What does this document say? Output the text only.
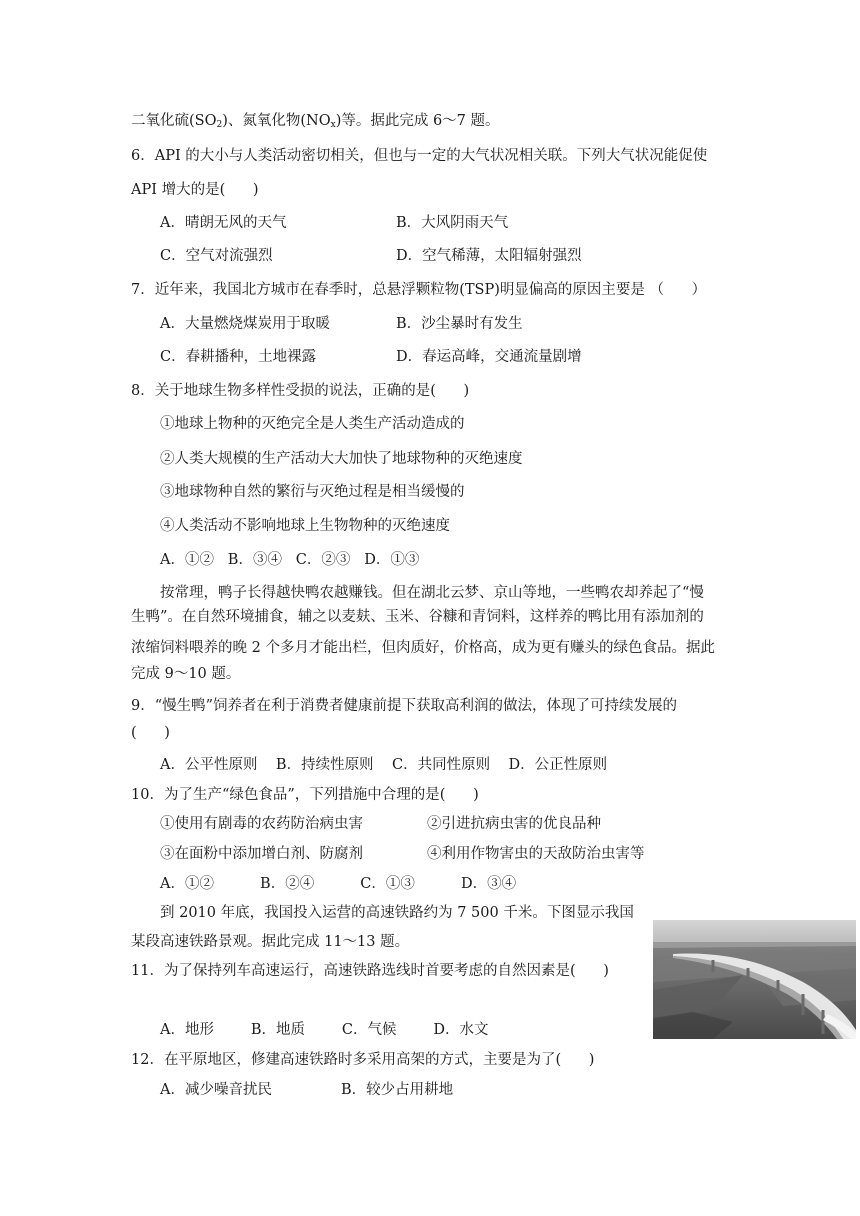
二氧化硫$(SO_2)$、氮氧化物$(NO_x)$等。据此完成 6～7 题。
6．API 的大小与人类活动密切相关，但也与一定的大气状况相关联。下列大气状况能促使
API 增大的是(      )
A．晴朗无风的天气	B．大风阴雨天气
C．空气对流强烈	D．空气稀薄，太阳辐射强烈
7．近年来，我国北方城市在春季时，总悬浮颗粒物(TSP)明显偏高的原因主要是 （      ）
A．大量燃烧煤炭用于取暖	B．沙尘暴时有发生
C．春耕播种，土地裸露	D．春运高峰，交通流量剧增
8．关于地球生物多样性受损的说法，正确的是(      )
①地球上物种的灭绝完全是人类生产活动造成的
②人类大规模的生产活动大大加快了地球物种的灭绝速度
③地球物种自然的繁衍与灭绝过程是相当缓慢的
④人类活动不影响地球上生物物种的灭绝速度
A．①②   B．③④   C．②③   D．①③
按常理，鸭子长得越快鸭农越赚钱。但在湖北云梦、京山等地，一些鸭农却养起了“慢
生鸭”。在自然环境捕食，辅之以麦麸、玉米、谷糠和青饲料，这样养的鸭比用有添加剂的
浓缩饲料喂养的晚 2 个多月才能出栏，但肉质好，价格高，成为更有赚头的绿色食品。据此
完成 9～10 题。
9．“慢生鸭”饲养者在利于消费者健康前提下获取高利润的做法，体现了可持续发展的
(      )
A．公平性原则    B．持续性原则    C．共同性原则    D．公正性原则
10．为了生产“绿色食品”，下列措施中合理的是(      )
①使用有剧毒的农药防治病虫害	②引进抗病虫害的优良品种
③在面粉中添加增白剂、防腐剂	④利用作物害虫的天敌防治虫害等
A．①②          B．②④          C．①③          D．③④
到 2010 年底，我国投入运营的高速铁路约为 7 500 千米。下图显示我国
某段高速铁路景观。据此完成 11～13 题。
11．为了保持列车高速运行，高速铁路选线时首要考虑的自然因素是(      )
A．地形        B．地质        C．气候        D．水文
12．在平原地区，修建高速铁路时多采用高架的方式，主要是为了(      )
A．减少噪音扰民	B．较少占用耕地
